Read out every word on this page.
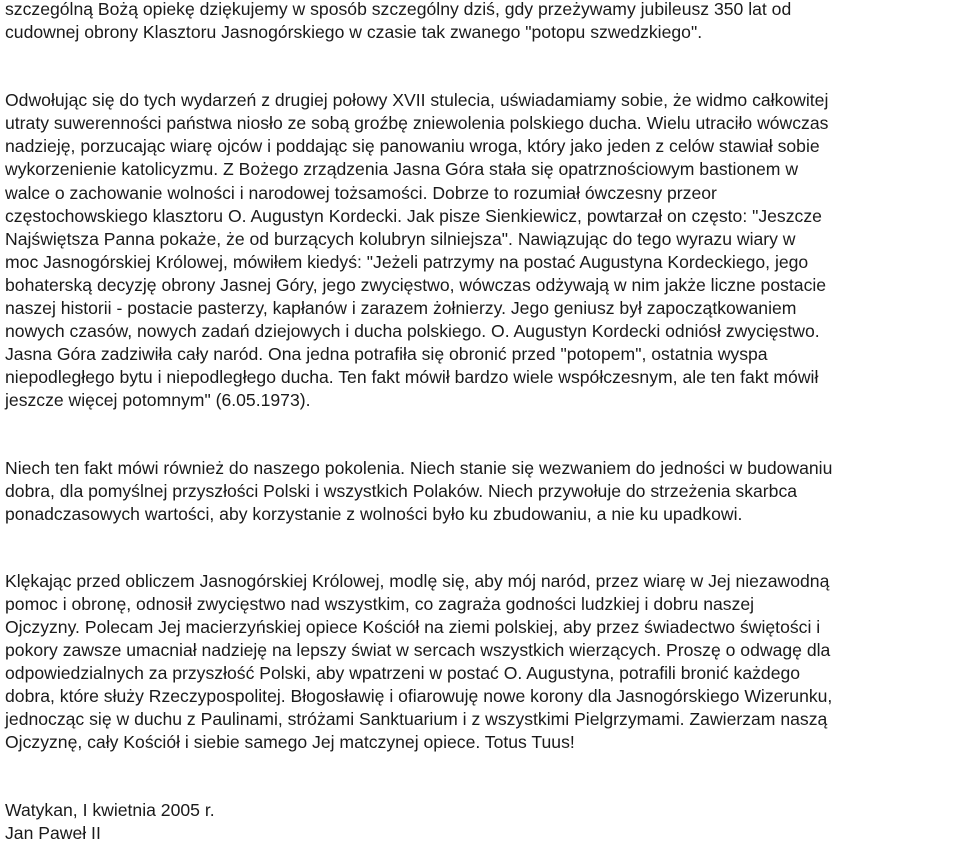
szczególną Bożą opiekę dziękujemy w sposób szczególny dziś, gdy przeżywamy jubileusz 350 lat od
cudownej obrony Klasztoru Jasnogórskiego w czasie tak zwanego "potopu szwedzkiego".

Odwołując się do tych wydarzeń z drugiej połowy XVII stulecia, uświadamiamy sobie, że widmo całkowitej
utraty suwerenności państwa niosło ze sobą groźbę zniewolenia polskiego ducha. Wielu utraciło wówczas
nadzieję, porzucając wiarę ojców i poddając się panowaniu wroga, który jako jeden z celów stawiał sobie
wykorzenienie katolicyzmu. Z Bożego zrządzenia Jasna Góra stała się opatrznościowym bastionem w
walce o zachowanie wolności i narodowej tożsamości. Dobrze to rozumiał ówczesny przeor
częstochowskiego klasztoru O. Augustyn Kordecki. Jak pisze Sienkiewicz, powtarzał on często: "Jeszcze
Najświętsza Panna pokaże, że od burzących kolubryn silniejsza". Nawiązując do tego wyrazu wiary w
moc Jasnogórskiej Królowej, mówiłem kiedyś: "Jeżeli patrzymy na postać Augustyna Kordeckiego, jego
bohaterską decyzję obrony Jasnej Góry, jego zwycięstwo, wówczas odżywają w nim jakże liczne postacie
naszej historii - postacie pasterzy, kapłanów i zarazem żołnierzy. Jego geniusz był zapoczątkowaniem
nowych czasów, nowych zadań dziejowych i ducha polskiego. O. Augustyn Kordecki odniósł zwycięstwo.
Jasna Góra zadziwiła cały naród. Ona jedna potrafiła się obronić przed "potopem", ostatnia wyspa
niepodległego bytu i niepodległego ducha. Ten fakt mówił bardzo wiele współczesnym, ale ten fakt mówił
jeszcze więcej potomnym" (6.05.1973).

Niech ten fakt mówi również do naszego pokolenia. Niech stanie się wezwaniem do jedności w budowaniu
dobra, dla pomyślnej przyszłości Polski i wszystkich Polaków. Niech przywołuje do strzeżenia skarbca
ponadczasowych wartości, aby korzystanie z wolności było ku zbudowaniu, a nie ku upadkowi.

Klękając przed obliczem Jasnogórskiej Królowej, modlę się, aby mój naród, przez wiarę w Jej niezawodną
pomoc i obronę, odnosił zwycięstwo nad wszystkim, co zagraża godności ludzkiej i dobru naszej
Ojczyzny. Polecam Jej macierzyńskiej opiece Kościół na ziemi polskiej, aby przez świadectwo świętości i
pokory zawsze umacniał nadzieję na lepszy świat w sercach wszystkich wierzących. Proszę o odwagę dla
odpowiedzialnych za przyszłość Polski, aby wpatrzeni w postać O. Augustyna, potrafili bronić każdego
dobra, które służy Rzeczypospolitej. Błogosławię i ofiarowuję nowe korony dla Jasnogórskiego Wizerunku,
jednocząc się w duchu z Paulinami, stróżami Sanktuarium i z wszystkimi Pielgrzymami. Zawierzam naszą
Ojczyznę, cały Kościół i siebie samego Jej matczynej opiece. Totus Tuus!

Watykan, I kwietnia 2005 r.
Jan Paweł II
